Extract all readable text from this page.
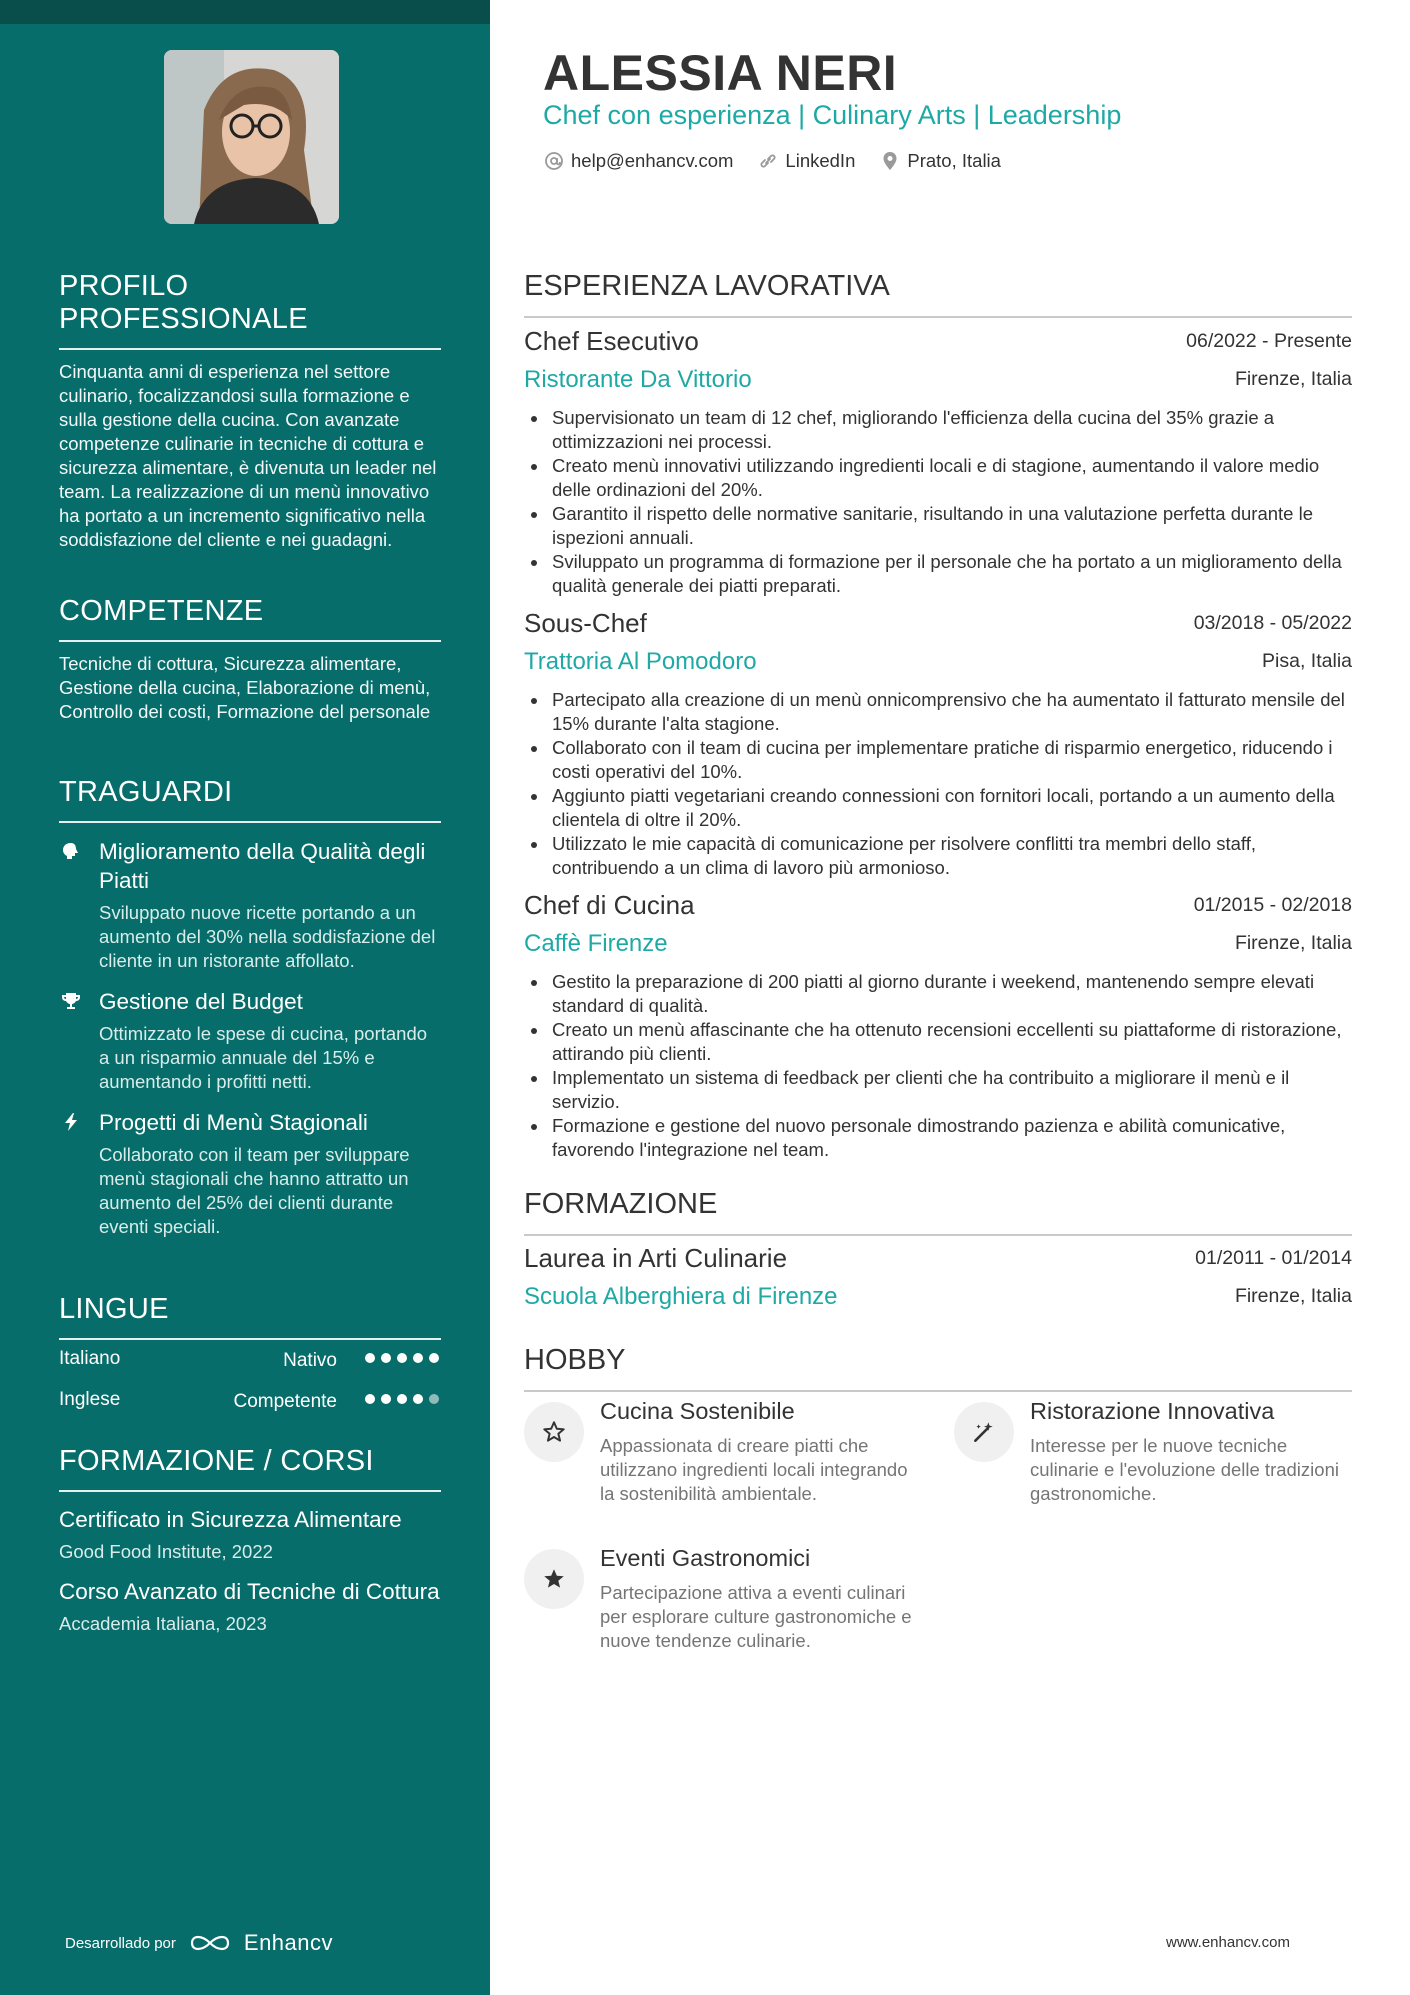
PROFILO PROFESSIONALE
Cinquanta anni di esperienza nel settore culinario, focalizzandosi sulla formazione e sulla gestione della cucina. Con avanzate competenze culinarie in tecniche di cottura e sicurezza alimentare, è divenuta un leader nel team. La realizzazione di un menù innovativo ha portato a un incremento significativo nella soddisfazione del cliente e nei guadagni.
COMPETENZE
Tecniche di cottura, Sicurezza alimentare, Gestione della cucina, Elaborazione di menù, Controllo dei costi, Formazione del personale
TRAGUARDI
Miglioramento della Qualità degli Piatti
Sviluppato nuove ricette portando a un aumento del 30% nella soddisfazione del cliente in un ristorante affollato.
Gestione del Budget
Ottimizzato le spese di cucina, portando a un risparmio annuale del 15% e aumentando i profitti netti.
Progetti di Menù Stagionali
Collaborato con il team per sviluppare menù stagionali che hanno attratto un aumento del 25% dei clienti durante eventi speciali.
LINGUE
Italiano	Nativo
Inglese	Competente
FORMAZIONE / CORSI
Certificato in Sicurezza Alimentare
Good Food Institute, 2022
Corso Avanzato di Tecniche di Cottura
Accademia Italiana, 2023
Desarrollado por	Enhancv
ALESSIA NERI
Chef con esperienza | Culinary Arts | Leadership
help@enhancv.com	LinkedIn	Prato, Italia
ESPERIENZA LAVORATIVA
Chef Esecutivo	06/2022 - Presente
Ristorante Da Vittorio	Firenze, Italia
Supervisionato un team di 12 chef, migliorando l'efficienza della cucina del 35% grazie a ottimizzazioni nei processi.
Creato menù innovativi utilizzando ingredienti locali e di stagione, aumentando il valore medio delle ordinazioni del 20%.
Garantito il rispetto delle normative sanitarie, risultando in una valutazione perfetta durante le ispezioni annuali.
Sviluppato un programma di formazione per il personale che ha portato a un miglioramento della qualità generale dei piatti preparati.
Sous-Chef	03/2018 - 05/2022
Trattoria Al Pomodoro	Pisa, Italia
Partecipato alla creazione di un menù onnicomprensivo che ha aumentato il fatturato mensile del 15% durante l'alta stagione.
Collaborato con il team di cucina per implementare pratiche di risparmio energetico, riducendo i costi operativi del 10%.
Aggiunto piatti vegetariani creando connessioni con fornitori locali, portando a un aumento della clientela di oltre il 20%.
Utilizzato le mie capacità di comunicazione per risolvere conflitti tra membri dello staff, contribuendo a un clima di lavoro più armonioso.
Chef di Cucina	01/2015 - 02/2018
Caffè Firenze	Firenze, Italia
Gestito la preparazione di 200 piatti al giorno durante i weekend, mantenendo sempre elevati standard di qualità.
Creato un menù affascinante che ha ottenuto recensioni eccellenti su piattaforme di ristorazione, attirando più clienti.
Implementato un sistema di feedback per clienti che ha contribuito a migliorare il menù e il servizio.
Formazione e gestione del nuovo personale dimostrando pazienza e abilità comunicative, favorendo l'integrazione nel team.
FORMAZIONE
Laurea in Arti Culinarie	01/2011 - 01/2014
Scuola Alberghiera di Firenze	Firenze, Italia
HOBBY
Cucina Sostenibile
Appassionata di creare piatti che utilizzano ingredienti locali integrando la sostenibilità ambientale.
Ristorazione Innovativa
Interesse per le nuove tecniche culinarie e l'evoluzione delle tradizioni gastronomiche.
Eventi Gastronomici
Partecipazione attiva a eventi culinari per esplorare culture gastronomiche e nuove tendenze culinarie.
www.enhancv.com
